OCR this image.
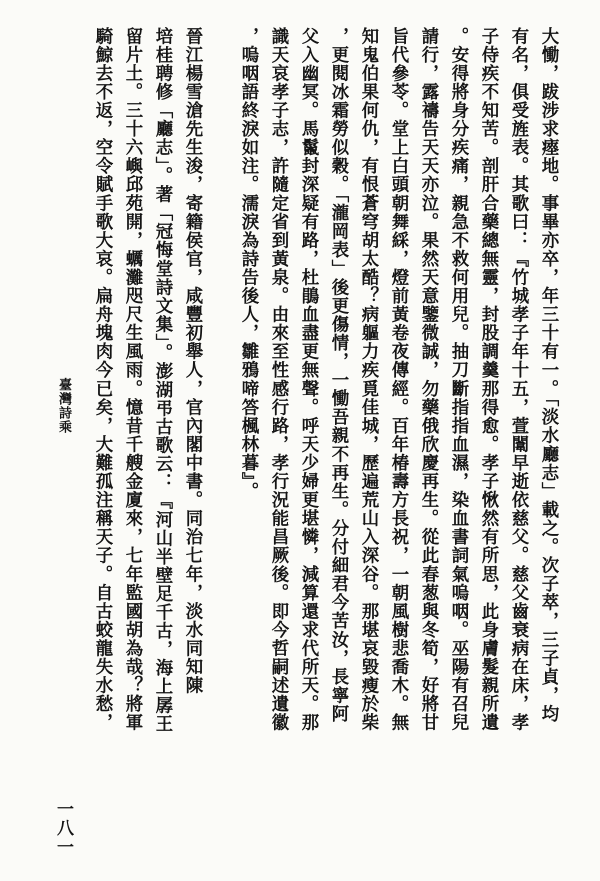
大慟，跋涉求瘞地。事畢亦卒，年三十有一。「淡水廳志」載之。次子萃，三子貞，均
有名，俱受旌表。其歌曰：『竹城孝子年十五，萱闈早逝依慈父。慈父齒衰病在床，孝
子侍疾不知苦。剖肝合藥總無靈，封股調羹那得愈。孝子愀然有所思，此身膚髮親所遺
。安得將身分疾痛，親急不救何用兒。抽刀斷指指血濕，染血書詞氣嗚咽。巫陽有召兒
請行，露禱告天天亦泣。果然天意鑒微誠，勿藥俄欣慶再生。從此春葱與冬筍，好將甘
旨代參苓。堂上白頭朝舞綵，燈前黃卷夜傳經。百年椿壽方長祝，一朝風樹悲喬木。無
知鬼伯果何仇，有恨蒼穹胡太酷？病軀力疾覓佳城，歷遍荒山入深谷。那堪哀毀瘦於柴
，更閱冰霜勞似穀。「瀧岡表」後更傷情，一慟吾親不再生。分付細君今苦汝，長寧阿
父入幽冥。馬鬣封深疑有路，杜鵑血盡更無聲。呼天少婦更堪憐，減算還求代所天。那
識天哀孝子志，許隨定省到黃泉。由來至性感行路，孝行況能昌厥後。即今哲嗣述遺徽
，嗚咽語終淚如注。濡淚為詩告後人，雛鴉啼答楓林暮』。
晉江楊雪滄先生浚，寄籍侯官，咸豐初舉人，官內閣中書。同治七年，淡水同知陳
培桂聘修「廳志」。著「冠悔堂詩文集」。澎湖弔古歌云：『河山半壁足千古，海上孱王
留片土。三十六嶼邱苑開，蠣灘咫尺生風雨。憶昔千艘金廈來，七年監國胡為哉？將軍
騎鯨去不返，空令賦手歌大哀。扁舟塊肉今已矣，大難孤注稱天子。自古蛟龍失水愁，
臺灣詩乘
一八一
